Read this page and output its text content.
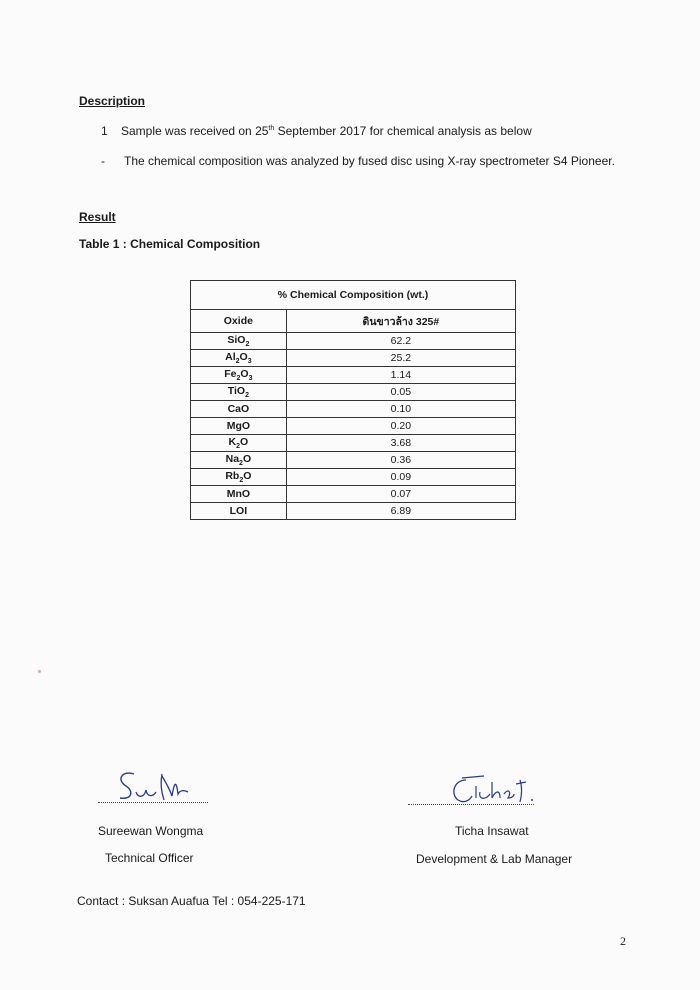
Description
1 Sample was received on 25th September 2017 for chemical analysis as below
- The chemical composition was analyzed by fused disc using X-ray spectrometer S4 Pioneer.
Result
Table 1 : Chemical Composition
% Chemical Composition (wt.)	
Oxide	ดินขาวล้าง 325#
SiO$_2$	62.2
$Al_2O_3$	25.2
$Fe_2O_3$	1.14
TiO$_2$	0.05
CaO	0.10
MgO	0.20
$K_2O$	3.68
$Na_2O$	0.36
$Rb_2O$	0.09
MnO	0.07
LOI	6.89
Sureewan Wongma
Technical Officer
Ticha Insawat
Development & Lab Manager
Contact : Suksan Auafua Tel : 054-225-171
2
